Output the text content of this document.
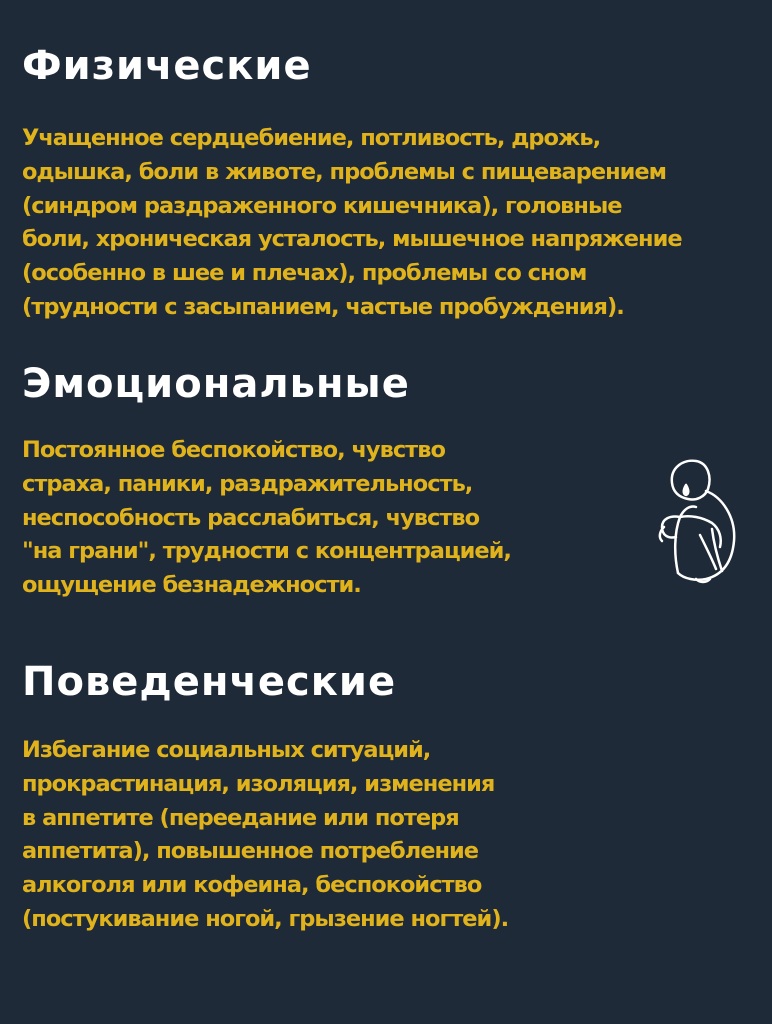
Физические

Учащенное сердцебиение, потливость, дрожь,
одышка, боли в животе, проблемы с пищеварением
(синдром раздраженного кишечника), головные
боли, хроническая усталость, мышечное напряжение
(особенно в шее и плечах), проблемы со сном
(трудности с засыпанием, частые пробуждения).

Эмоциональные

Постоянное беспокойство, чувство
страха, паники, раздражительность,
неспособность расслабиться, чувство
"на грани", трудности с концентрацией,
ощущение безнадежности.

Поведенческие

Избегание социальных ситуаций,
прокрастинация, изоляция, изменения
в аппетите (переедание или потеря
аппетита), повышенное потребление
алкоголя или кофеина, беспокойство
(постукивание ногой, грызение ногтей).
